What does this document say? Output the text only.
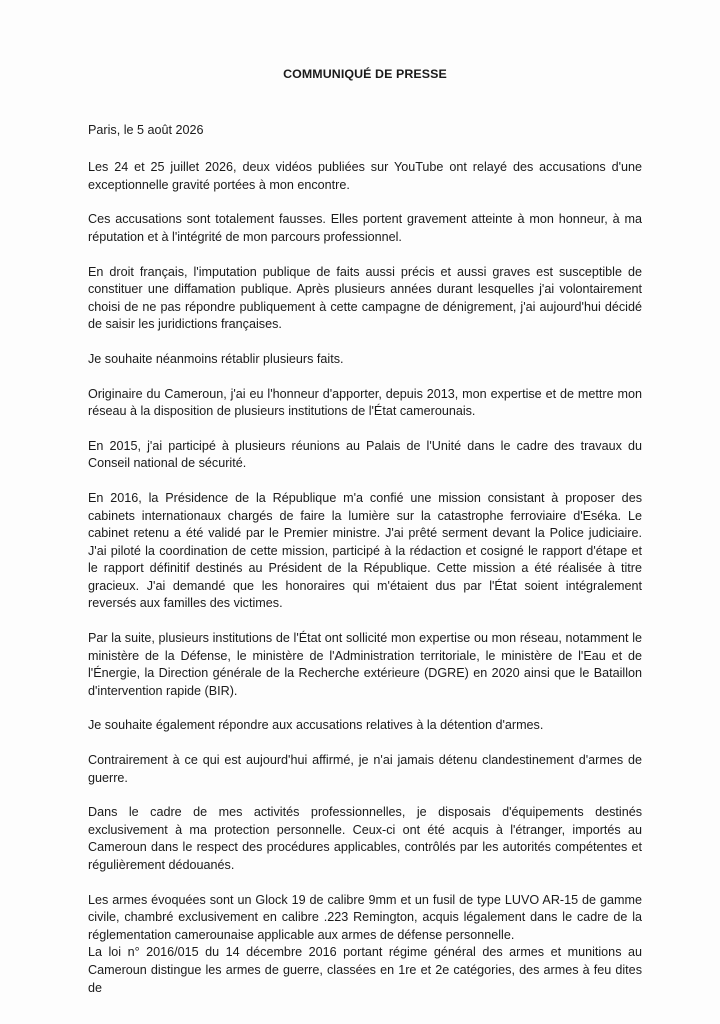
COMMUNIQUÉ DE PRESSE
Paris, le 5 août 2026

Les 24 et 25 juillet 2026, deux vidéos publiées sur YouTube ont relayé des accusations d'une exceptionnelle gravité portées à mon encontre.

Ces accusations sont totalement fausses. Elles portent gravement atteinte à mon honneur, à ma réputation et à l'intégrité de mon parcours professionnel.

En droit français, l'imputation publique de faits aussi précis et aussi graves est susceptible de constituer une diffamation publique. Après plusieurs années durant lesquelles j'ai volontairement choisi de ne pas répondre publiquement à cette campagne de dénigrement, j'ai aujourd'hui décidé de saisir les juridictions françaises.

Je souhaite néanmoins rétablir plusieurs faits.

Originaire du Cameroun, j'ai eu l'honneur d'apporter, depuis 2013, mon expertise et de mettre mon réseau à la disposition de plusieurs institutions de l'État camerounais.

En 2015, j'ai participé à plusieurs réunions au Palais de l'Unité dans le cadre des travaux du Conseil national de sécurité.

En 2016, la Présidence de la République m'a confié une mission consistant à proposer des cabinets internationaux chargés de faire la lumière sur la catastrophe ferroviaire d'Eséka. Le cabinet retenu a été validé par le Premier ministre. J'ai prêté serment devant la Police judiciaire. J'ai piloté la coordination de cette mission, participé à la rédaction et cosigné le rapport d'étape et le rapport définitif destinés au Président de la République. Cette mission a été réalisée à titre gracieux. J'ai demandé que les honoraires qui m'étaient dus par l'État soient intégralement reversés aux familles des victimes.

Par la suite, plusieurs institutions de l'État ont sollicité mon expertise ou mon réseau, notamment le ministère de la Défense, le ministère de l'Administration territoriale, le ministère de l'Eau et de l'Énergie, la Direction générale de la Recherche extérieure (DGRE) en 2020 ainsi que le Bataillon d'intervention rapide (BIR).

Je souhaite également répondre aux accusations relatives à la détention d'armes.

Contrairement à ce qui est aujourd'hui affirmé, je n'ai jamais détenu clandestinement d'armes de guerre.

Dans le cadre de mes activités professionnelles, je disposais d'équipements destinés exclusivement à ma protection personnelle. Ceux-ci ont été acquis à l'étranger, importés au Cameroun dans le respect des procédures applicables, contrôlés par les autorités compétentes et régulièrement dédouanés.

Les armes évoquées sont un Glock 19 de calibre 9mm et un fusil de type LUVO AR-15 de gamme civile, chambré exclusivement en calibre .223 Remington, acquis légalement dans le cadre de la réglementation camerounaise applicable aux armes de défense personnelle.

La loi n° 2016/015 du 14 décembre 2016 portant régime général des armes et munitions au Cameroun distingue les armes de guerre, classées en 1re et 2e catégories, des armes à feu dites de
